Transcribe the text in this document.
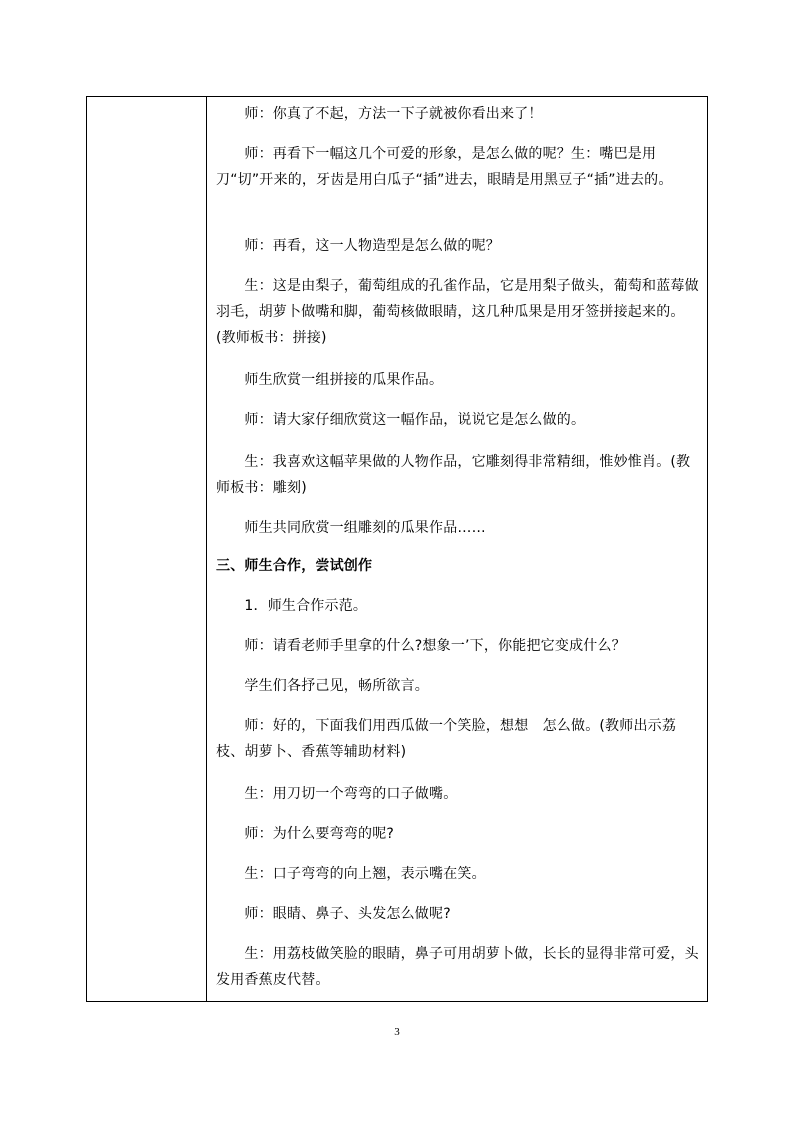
　　师：你真了不起，方法一下子就被你看出来了！

　　师：再看下一幅这几个可爱的形象，是怎么做的呢？生：嘴巴是用刀“切”开来的，牙齿是用白瓜子“插”进去，眼睛是用黑豆子“插”进去的。

　　师：再看，这一人物造型是怎么做的呢？

　　生：这是由梨子，葡萄组成的孔雀作品，它是用梨子做头，葡萄和蓝莓做羽毛，胡萝卜做嘴和脚，葡萄核做眼睛，这几种瓜果是用牙签拼接起来的。　(教师板书：拼接)

　　师生欣赏一组拼接的瓜果作品。

　　师：请大家仔细欣赏这一幅作品，说说它是怎么做的。

　　生：我喜欢这幅苹果做的人物作品，它雕刻得非常精细，惟妙惟肖。(教师板书：雕刻)

　　师生共同欣赏一组雕刻的瓜果作品……

三、师生合作，尝试创作

　　1．师生合作示范。

　　师：请看老师手里拿的什么?想象一’下，你能把它变成什么？

　　学生们各抒己见，畅所欲言。

　　师：好的，下面我们用西瓜做一个笑脸，想想　怎么做。(教师出示荔枝、胡萝卜、香蕉等辅助材料)

　　生：用刀切一个弯弯的口子做嘴。

　　师：为什么要弯弯的呢?

　　生：口子弯弯的向上翘，表示嘴在笑。

　　师：眼睛、鼻子、头发怎么做呢?

　　生：用荔枝做笑脸的眼睛，鼻子可用胡萝卜做，长长的显得非常可爱，头发用香蕉皮代替。

3
